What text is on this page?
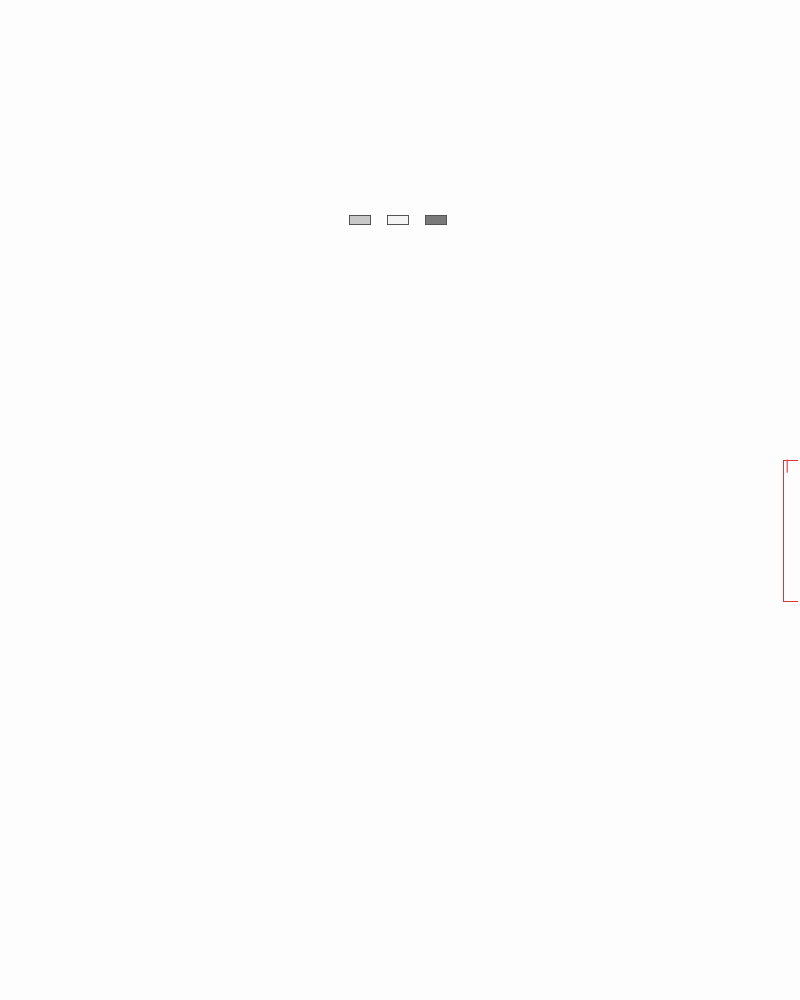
▏
